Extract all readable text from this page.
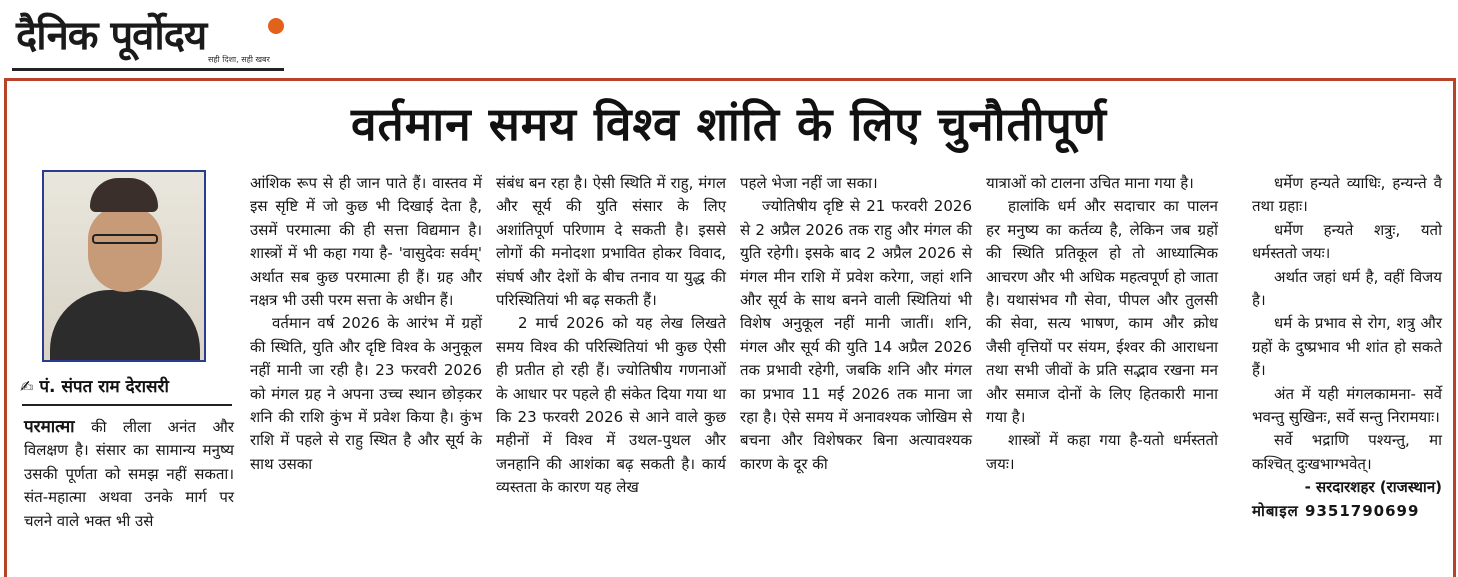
दैनिक पूर्वोदय
सही दिशा, सही खबर
वर्तमान समय विश्व शांति के लिए चुनौतीपूर्ण
✍ पं. संपत राम देरासरी

परमात्मा की लीला अनंत और विलक्षण है। संसार का सामान्य मनुष्य उसकी पूर्णता को समझ नहीं सकता। संत-महात्मा अथवा उनके मार्ग पर चलने वाले भक्त भी उसे

आंशिक रूप से ही जान पाते हैं। वास्तव में इस सृष्टि में जो कुछ भी दिखाई देता है, उसमें परमात्मा की ही सत्ता विद्यमान है। शास्त्रों में भी कहा गया है- 'वासुदेवः सर्वम्' अर्थात सब कुछ परमात्मा ही हैं। ग्रह और नक्षत्र भी उसी परम सत्ता के अधीन हैं।

वर्तमान वर्ष 2026 के आरंभ में ग्रहों की स्थिति, युति और दृष्टि विश्व के अनुकूल नहीं मानी जा रही है। 23 फरवरी 2026 को मंगल ग्रह ने अपना उच्च स्थान छोड़कर शनि की राशि कुंभ में प्रवेश किया है। कुंभ राशि में पहले से राहु स्थित है और सूर्य के साथ उसका

संबंध बन रहा है। ऐसी स्थिति में राहु, मंगल और सूर्य की युति संसार के लिए अशांतिपूर्ण परिणाम दे सकती है। इससे लोगों की मनोदशा प्रभावित होकर विवाद, संघर्ष और देशों के बीच तनाव या युद्ध की परिस्थितियां भी बढ़ सकती हैं।

2 मार्च 2026 को यह लेख लिखते समय विश्व की परिस्थितियां भी कुछ ऐसी ही प्रतीत हो रही हैं। ज्योतिषीय गणनाओं के आधार पर पहले ही संकेत दिया गया था कि 23 फरवरी 2026 से आने वाले कुछ महीनों में विश्व में उथल-पुथल और जनहानि की आशंका बढ़ सकती है। कार्य व्यस्तता के कारण यह लेख

पहले भेजा नहीं जा सका।

ज्योतिषीय दृष्टि से 21 फरवरी 2026 से 2 अप्रैल 2026 तक राहु और मंगल की युति रहेगी। इसके बाद 2 अप्रैल 2026 से मंगल मीन राशि में प्रवेश करेगा, जहां शनि और सूर्य के साथ बनने वाली स्थितियां भी विशेष अनुकूल नहीं मानी जातीं। शनि, मंगल और सूर्य की युति 14 अप्रैल 2026 तक प्रभावी रहेगी, जबकि शनि और मंगल का प्रभाव 11 मई 2026 तक माना जा रहा है। ऐसे समय में अनावश्यक जोखिम से बचना और विशेषकर बिना अत्यावश्यक कारण के दूर की

यात्राओं को टालना उचित माना गया है।

हालांकि धर्म और सदाचार का पालन हर मनुष्य का कर्तव्य है, लेकिन जब ग्रहों की स्थिति प्रतिकूल हो तो आध्यात्मिक आचरण और भी अधिक महत्वपूर्ण हो जाता है। यथासंभव गौ सेवा, पीपल और तुलसी की सेवा, सत्य भाषण, काम और क्रोध जैसी वृत्तियों पर संयम, ईश्वर की आराधना तथा सभी जीवों के प्रति सद्भाव रखना मन और समाज दोनों के लिए हितकारी माना गया है।

शास्त्रों में कहा गया है-यतो धर्मस्ततो जयः।

धर्मेण हन्यते व्याधिः, हन्यन्ते वै तथा ग्रहाः।

धर्मेण हन्यते शत्रुः, यतो धर्मस्ततो जयः।

अर्थात जहां धर्म है, वहीं विजय है।

धर्म के प्रभाव से रोग, शत्रु और ग्रहों के दुष्प्रभाव भी शांत हो सकते हैं।

अंत में यही मंगलकामना- सर्वे भवन्तु सुखिनः, सर्वे सन्तु निरामयाः।

सर्वे भद्राणि पश्यन्तु, मा कश्चित् दुःखभाग्भवेत्।

- सरदारशहर (राजस्थान)

मोबाइल 9351790699
